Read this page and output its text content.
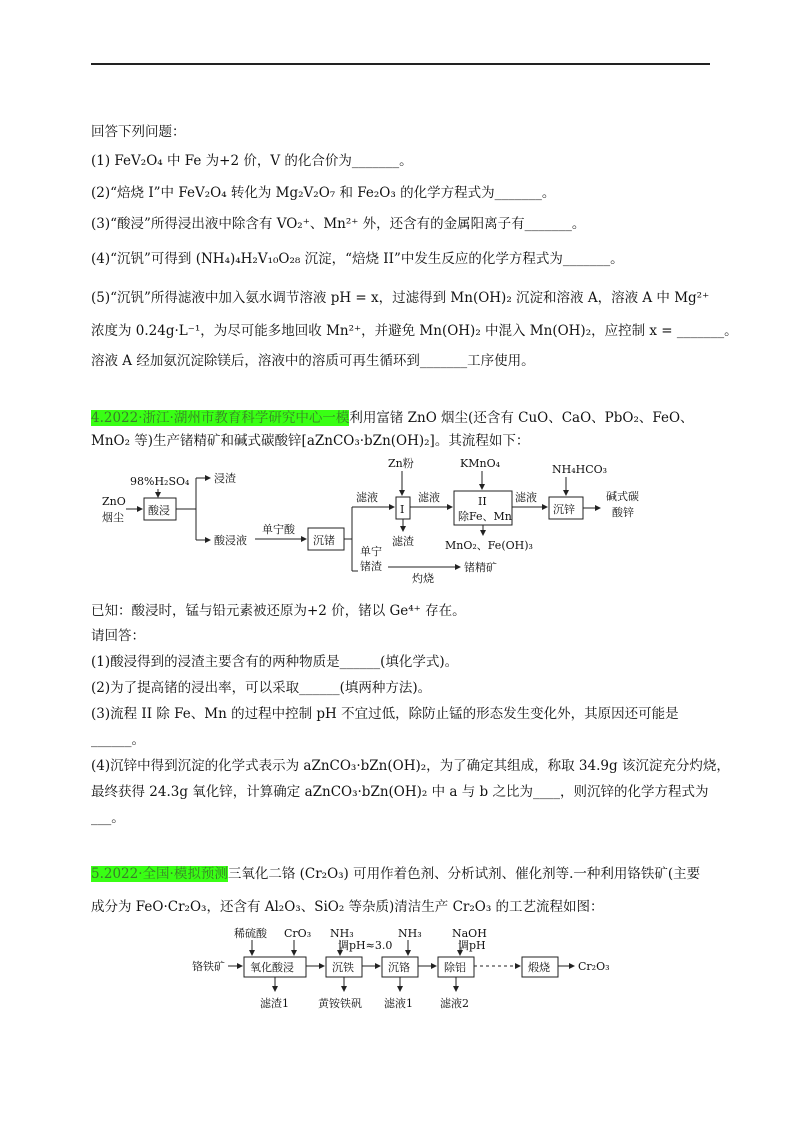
回答下列问题：
(1) FeV₂O₄ 中 Fe 为+2 价，V 的化合价为_______。
(2)“焙烧 I”中 FeV₂O₄ 转化为 Mg₂V₂O₇ 和 Fe₂O₃ 的化学方程式为_______。
(3)“酸浸”所得浸出液中除含有 VO₂⁺、Mn²⁺ 外，还含有的金属阳离子有_______。
(4)“沉钒”可得到 (NH₄)₄H₂V₁₀O₂₈ 沉淀，“焙烧 II”中发生反应的化学方程式为_______。
(5)“沉钒”所得滤液中加入氨水调节溶液 pH = x，过滤得到 Mn(OH)₂ 沉淀和溶液 A，溶液 A 中 Mg²⁺
浓度为 0.24g·L⁻¹，为尽可能多地回收 Mn²⁺，并避免 Mn(OH)₂ 中混入 Mn(OH)₂，应控制 x = _______。
溶液 A 经加氨沉淀除镁后，溶液中的溶质可再生循环到_______工序使用。
4.2022·浙江·湖州市教育科学研究中心一模利用富锗 ZnO 烟尘(还含有 CuO、CaO、PbO₂、FeO、
MnO₂ 等)生产锗精矿和碱式碳酸锌[aZnCO₃·bZn(OH)₂]。其流程如下：
98%H₂SO₄
ZnO
烟尘
酸浸
浸渣
酸浸液
单宁酸
沉锗
滤液
Zn粉
I
滤渣
滤液
KMnO₄
II
除Fe、Mn
MnO₂、Fe(OH)₃
滤液
NH₄HCO₃
沉锌
碱式碳
酸锌
单宁
锗渣
灼烧
锗精矿
已知：酸浸时，锰与铅元素被还原为+2 价，锗以 Ge⁴⁺ 存在。
请回答：
(1)酸浸得到的浸渣主要含有的两种物质是______(填化学式)。
(2)为了提高锗的浸出率，可以采取______(填两种方法)。
(3)流程 II 除 Fe、Mn 的过程中控制 pH 不宜过低，除防止锰的形态发生变化外，其原因还可能是
______。
(4)沉锌中得到沉淀的化学式表示为 aZnCO₃·bZn(OH)₂，为了确定其组成，称取 34.9g 该沉淀充分灼烧，
最终获得 24.3g 氧化锌，计算确定 aZnCO₃·bZn(OH)₂ 中 a 与 b 之比为____，则沉锌的化学方程式为
___。
5.2022·全国·模拟预测三氧化二铬 (Cr₂O₃) 可用作着色剂、分析试剂、催化剂等.一种利用铬铁矿(主要
成分为 FeO·Cr₂O₃，还含有 Al₂O₃、SiO₂ 等杂质)清洁生产 Cr₂O₃ 的工艺流程如图：
稀硫酸 CrO₃ NH₃
调pH≈3.0
NH₃	NaOH
调pH
铬铁矿 氧化酸浸	沉铁	沉铬	除铝	煅烧	Cr₂O₃
滤渣1	黄铵铁矾 滤液1 滤液2
